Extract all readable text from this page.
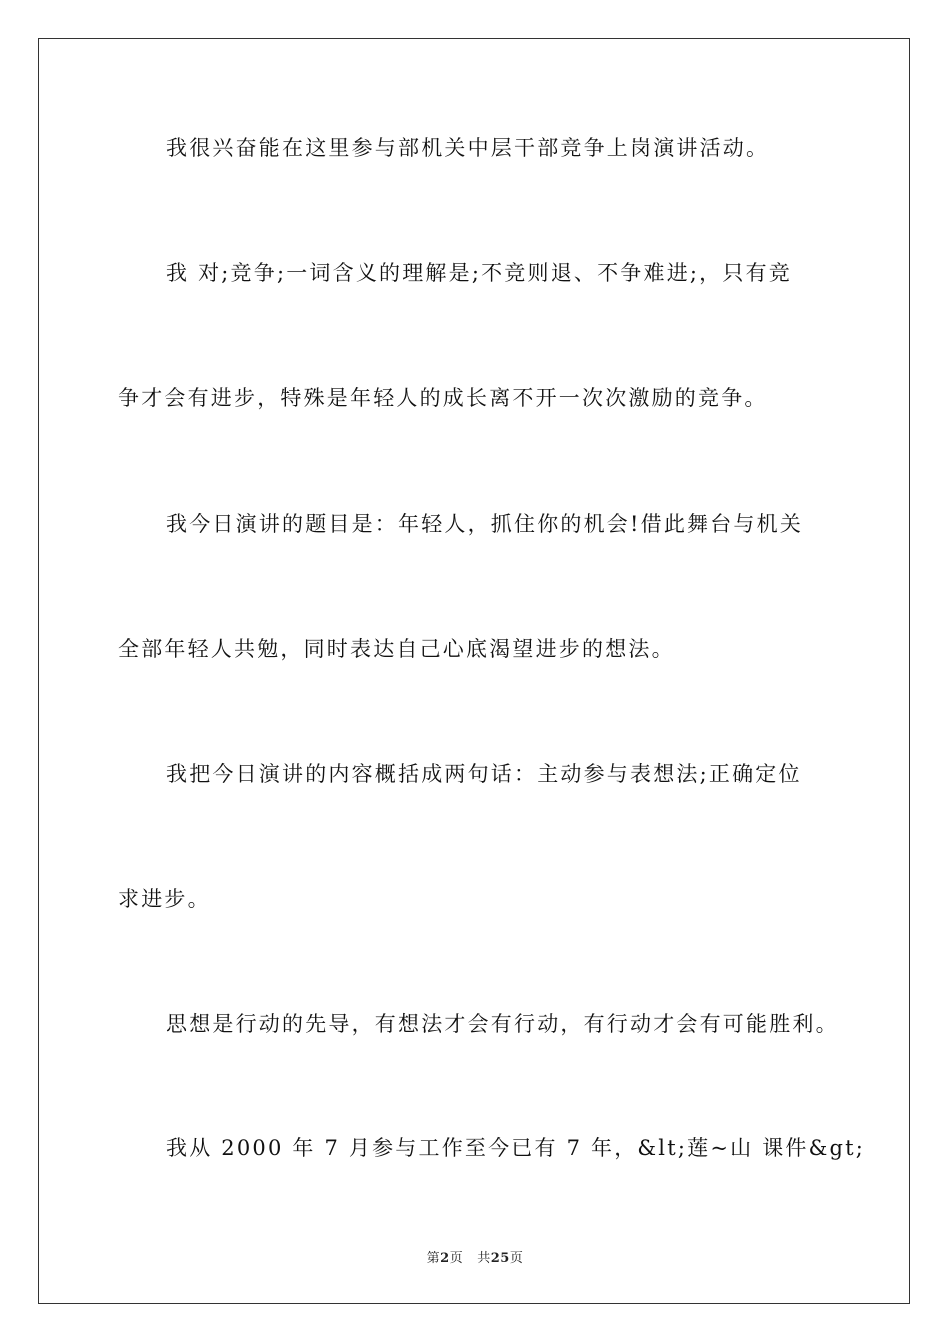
我很兴奋能在这里参与部机关中层干部竞争上岗演讲活动。
我 对;竞争;一词含义的理解是;不竞则退、不争难进;，只有竞
争才会有进步，特殊是年轻人的成长离不开一次次激励的竞争。
我今日演讲的题目是：年轻人，抓住你的机会!借此舞台与机关
全部年轻人共勉，同时表达自己心底渴望进步的想法。
我把今日演讲的内容概括成两句话：主动参与表想法;正确定位
求进步。
思想是行动的先导，有想法才会有行动，有行动才会有可能胜利。
我从 2000 年 7 月参与工作至今已有 7 年，&lt;莲~山 课件&gt;
第2页 共25页
